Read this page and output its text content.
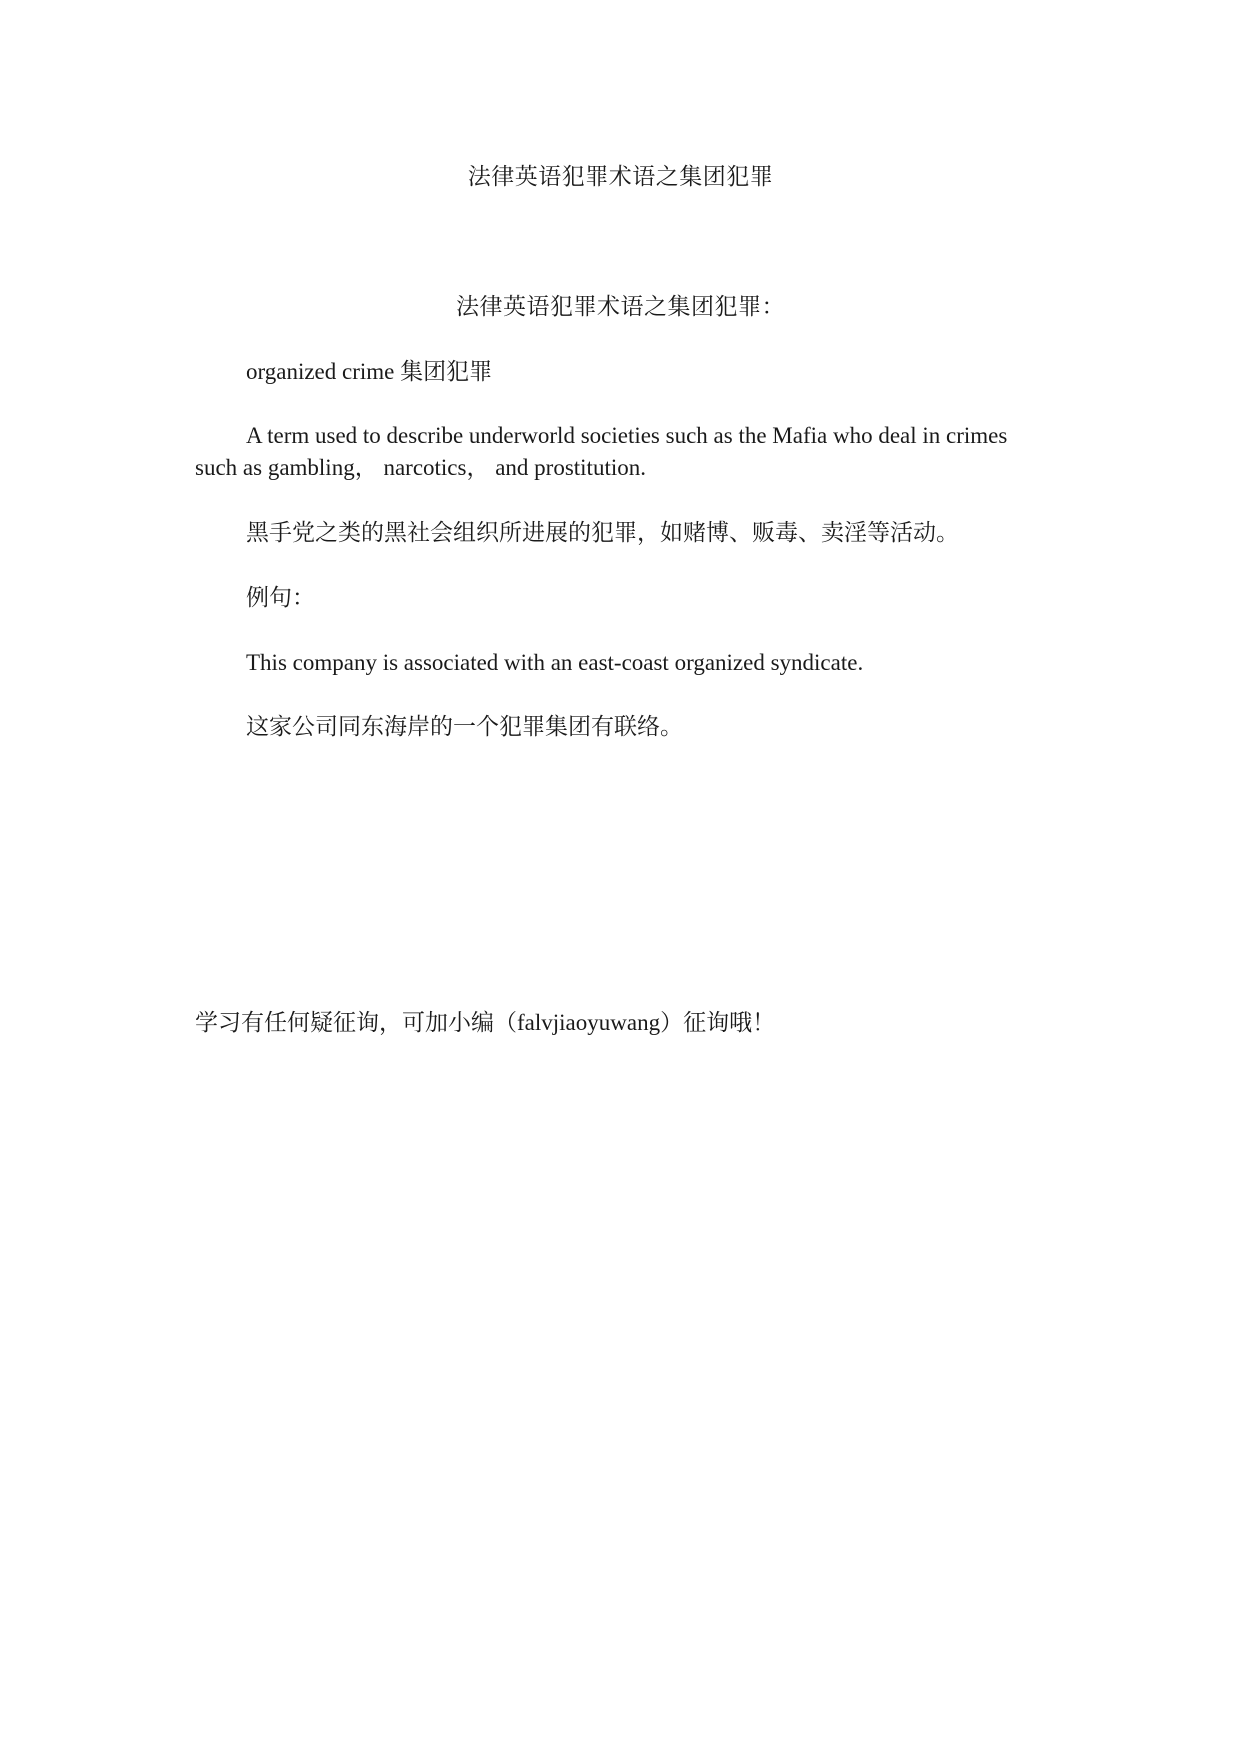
法律英语犯罪术语之集团犯罪
法律英语犯罪术语之集团犯罪：

organized crime 集团犯罪

A term used to describe underworld societies such as the Mafia who deal in crimes such as gambling， narcotics， and prostitution.

黑手党之类的黑社会组织所进展的犯罪，如赌博、贩毒、卖淫等活动。

例句：

This company is associated with an east-coast organized syndicate.

这家公司同东海岸的一个犯罪集团有联络。

学习有任何疑征询，可加小编（falvjiaoyuwang）征询哦！
